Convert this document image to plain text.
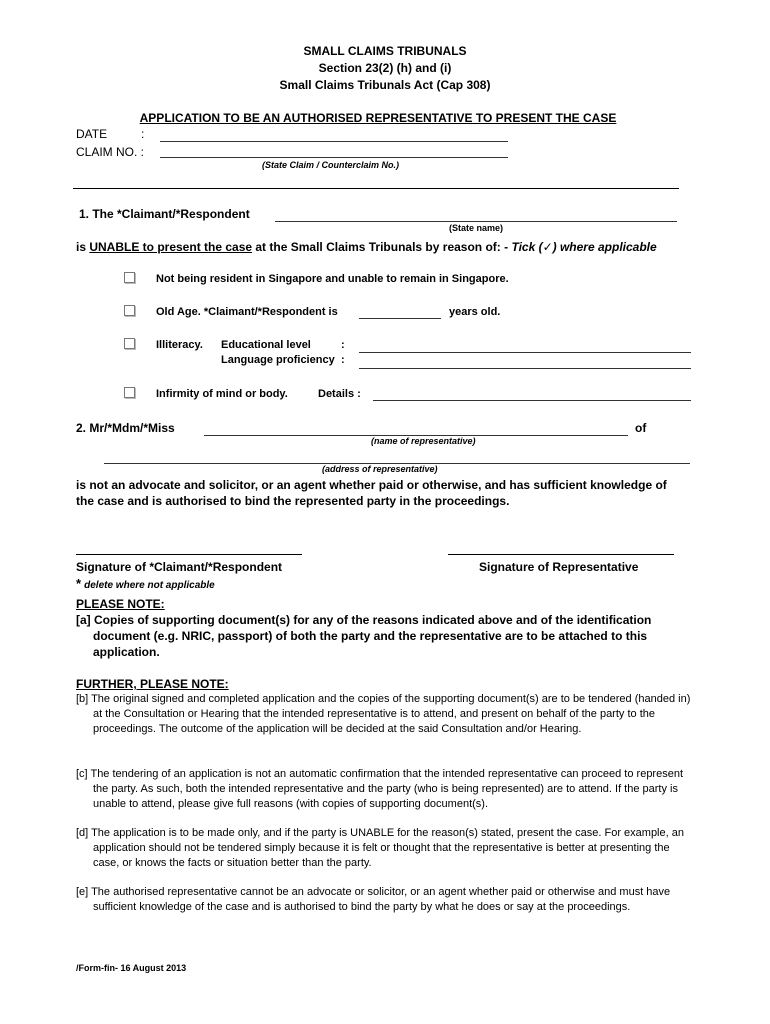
SMALL CLAIMS TRIBUNALS
Section 23(2) (h) and (i)
Small Claims Tribunals Act (Cap 308)
APPLICATION TO BE AN AUTHORISED REPRESENTATIVE TO PRESENT THE CASE
DATE	:
CLAIM NO. :
(State Claim / Counterclaim No.)
1. The *Claimant/*Respondent
(State name)
is UNABLE to present the case at the Small Claims Tribunals by reason of: - Tick (✓) where applicable
Not being resident in Singapore and unable to remain in Singapore.
Old Age. *Claimant/*Respondent is	years old.
Illiteracy. Educational level	:
Language proficiency :
Infirmity of mind or body.	Details :
2. Mr/*Mdm/*Miss	of
(name of representative)
(address of representative)
is not an advocate and solicitor, or an agent whether paid or otherwise, and has sufficient knowledge of the case and is authorised to bind the represented party in the proceedings.
Signature of *Claimant/*Respondent	Signature of Representative
* delete where not applicable
PLEASE NOTE:
[a] Copies of supporting document(s) for any of the reasons indicated above and of the identification document (e.g. NRIC, passport) of both the party and the representative are to be attached to this application.
FURTHER, PLEASE NOTE:
[b] The original signed and completed application and the copies of the supporting document(s) are to be tendered (handed in) at the Consultation or Hearing that the intended representative is to attend, and present on behalf of the party to the proceedings. The outcome of the application will be decided at the said Consultation and/or Hearing.
[c] The tendering of an application is not an automatic confirmation that the intended representative can proceed to represent the party. As such, both the intended representative and the party (who is being represented) are to attend. If the party is unable to attend, please give full reasons (with copies of supporting document(s).
[d] The application is to be made only, and if the party is UNABLE for the reason(s) stated, present the case. For example, an application should not be tendered simply because it is felt or thought that the representative is better at presenting the case, or knows the facts or situation better than the party.
[e] The authorised representative cannot be an advocate or solicitor, or an agent whether paid or otherwise and must have sufficient knowledge of the case and is authorised to bind the party by what he does or say at the proceedings.
/Form-fin- 16 August 2013
